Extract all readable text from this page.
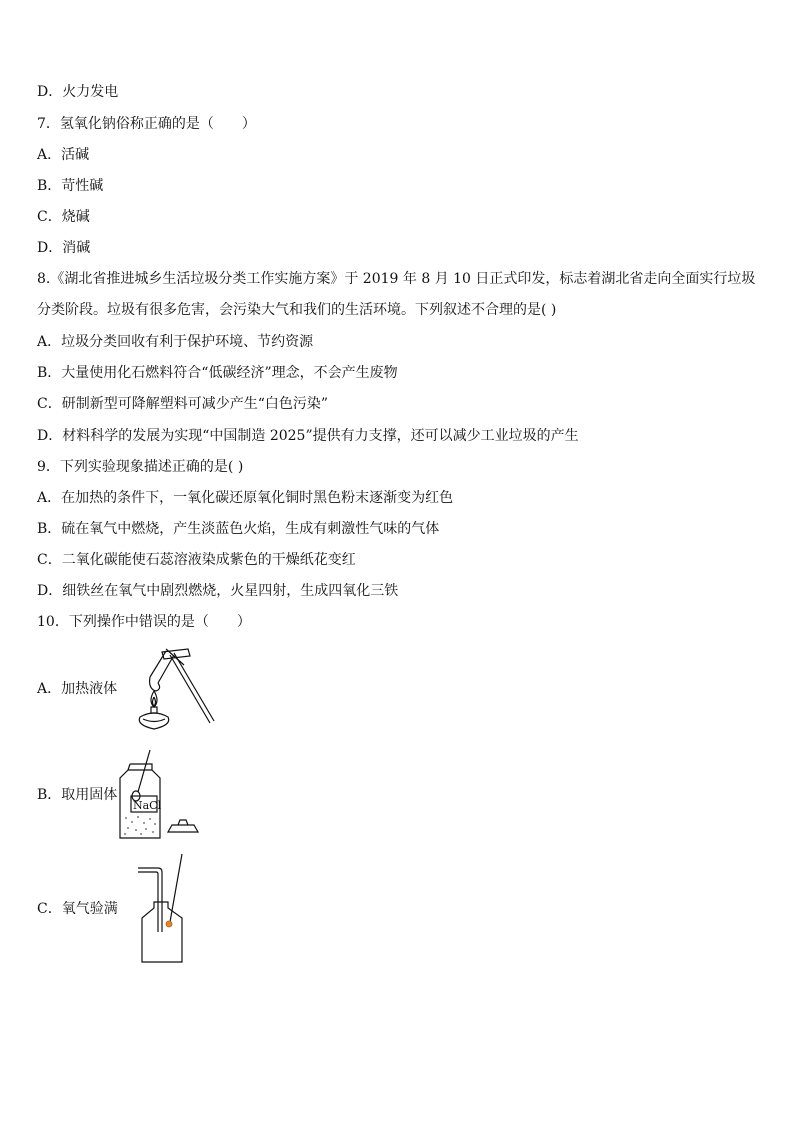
D．火力发电
7．氢氧化钠俗称正确的是（　　）
A．活碱
B．苛性碱
C．烧碱
D．消碱
8.《湖北省推进城乡生活垃圾分类工作实施方案》于 2019 年 8 月 10 日正式印发，标志着湖北省走向全面实行垃圾分类阶段。垃圾有很多危害，会污染大气和我们的生活环境。下列叙述不合理的是( )
A．垃圾分类回收有利于保护环境、节约资源
B．大量使用化石燃料符合“低碳经济”理念，不会产生废物
C．研制新型可降解塑料可减少产生“白色污染”
D．材料科学的发展为实现“中国制造 2025”提供有力支撑，还可以减少工业垃圾的产生
9．下列实验现象描述正确的是( )
A．在加热的条件下，一氧化碳还原氧化铜时黑色粉末逐渐变为红色
B．硫在氧气中燃烧，产生淡蓝色火焰，生成有刺激性气味的气体
C．二氧化碳能使石蕊溶液染成紫色的干燥纸花变红
D．细铁丝在氧气中剧烈燃烧，火星四射，生成四氧化三铁
10．下列操作中错误的是（　　）
A．加热液体
B．取用固体
C．氧气验满
NaCl
